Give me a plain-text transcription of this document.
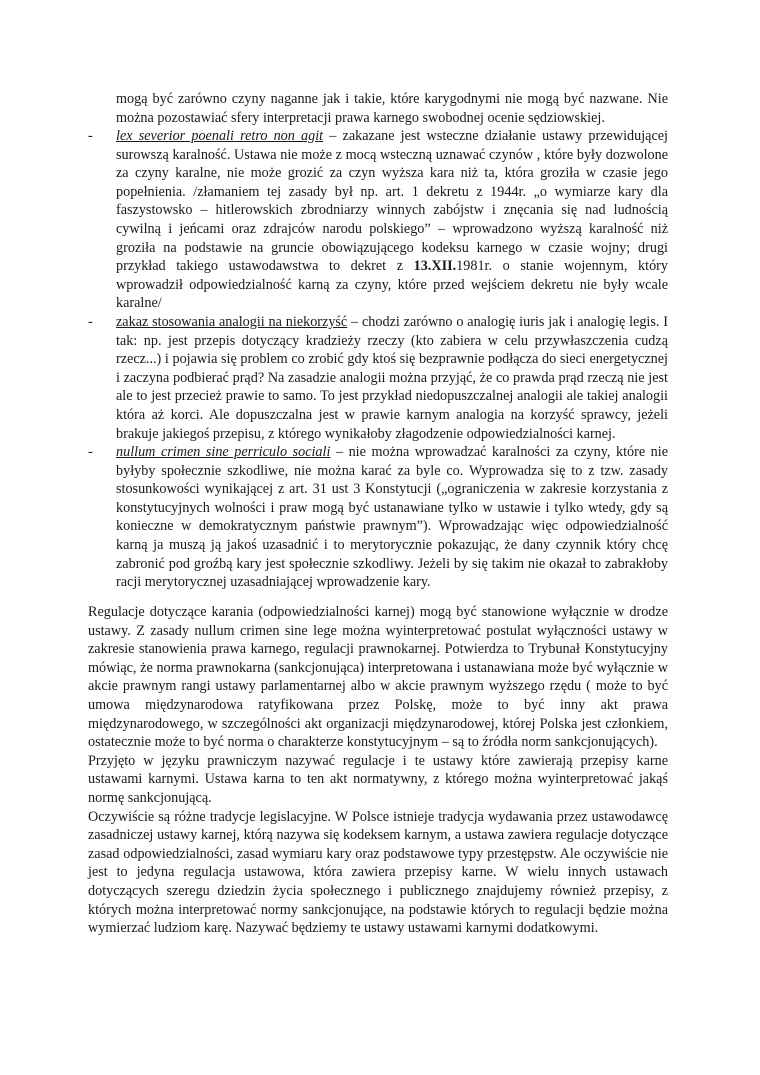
mogą być zarówno czyny naganne jak i takie, które karygodnymi nie mogą być nazwane. Nie można pozostawiać sfery interpretacji prawa karnego swobodnej ocenie sędziowskiej.

- lex severior poenali retro non agit – zakazane jest wsteczne działanie ustawy przewidującej surowszą karalność. Ustawa nie może z mocą wsteczną uznawać czynów , które były dozwolone za czyny karalne, nie może grozić za czyn wyższa kara niż ta, która groziła w czasie jego popełnienia. /złamaniem tej zasady był np. art. 1 dekretu z 1944r. „o wymiarze kary dla faszystowsko – hitlerowskich zbrodniarzy winnych zabójstw i znęcania się nad ludnością cywilną i jeńcami oraz zdrajców narodu polskiego” – wprowadzono wyższą karalność niż groziła na podstawie na gruncie obowiązującego kodeksu karnego w czasie wojny; drugi przykład takiego ustawodawstwa to dekret z 13.XII.1981r. o stanie wojennym, który wprowadził odpowiedzialność karną za czyny, które przed wejściem dekretu nie były wcale karalne/
- zakaz stosowania analogii na niekorzyść – chodzi zarówno o analogię iuris jak i analogię legis. I tak: np. jest przepis dotyczący kradzieży rzeczy (kto zabiera w celu przywłaszczenia cudzą rzecz...) i pojawia się problem co zrobić gdy ktoś się bezprawnie podłącza do sieci energetycznej i zaczyna podbierać prąd? Na zasadzie analogii można przyjąć, że co prawda prąd rzeczą nie jest ale to jest przecież prawie to samo. To jest przykład niedopuszczalnej analogii ale takiej analogii która aż korci. Ale dopuszczalna jest w prawie karnym analogia na korzyść sprawcy, jeżeli brakuje jakiegoś przepisu, z którego wynikałoby złagodzenie odpowiedzialności karnej.
- nullum crimen sine perriculo sociali – nie można wprowadzać karalności za czyny, które nie byłyby społecznie szkodliwe, nie można karać za byle co. Wyprowadza się to z tzw. zasady stosunkowości wynikającej z art. 31 ust 3 Konstytucji („ograniczenia w zakresie korzystania z konstytucyjnych wolności i praw mogą być ustanawiane tylko w ustawie i tylko wtedy, gdy są konieczne w demokratycznym państwie prawnym”). Wprowadzając więc odpowiedzialność karną ja muszą ją jakoś uzasadnić i to merytorycznie pokazując, że dany czynnik który chcę zabronić pod groźbą kary jest społecznie szkodliwy. Jeżeli by się takim nie okazał to zabrakłoby racji merytorycznej uzasadniającej wprowadzenie kary.

Regulacje dotyczące karania (odpowiedzialności karnej) mogą być stanowione wyłącznie w drodze ustawy. Z zasady nullum crimen sine lege można wyinterpretować postulat wyłączności ustawy w zakresie stanowienia prawa karnego, regulacji prawnokarnej. Potwierdza to Trybunał Konstytucyjny mówiąc, że norma prawnokarna (sankcjonująca) interpretowana i ustanawiana może być wyłącznie w akcie prawnym rangi ustawy parlamentarnej albo w akcie prawnym wyższego rzędu ( może to być umowa międzynarodowa ratyfikowana przez Polskę, może to być inny akt prawa międzynarodowego, w szczególności akt organizacji międzynarodowej, której Polska jest członkiem, ostatecznie może to być norma o charakterze konstytucyjnym – są to źródła norm sankcjonujących).

Przyjęto w języku prawniczym nazywać regulacje i te ustawy które zawierają przepisy karne ustawami karnymi. Ustawa karna to ten akt normatywny, z którego można wyinterpretować jakąś normę sankcjonującą.

Oczywiście są różne tradycje legislacyjne. W Polsce istnieje tradycja wydawania przez ustawodawcę zasadniczej ustawy karnej, którą nazywa się kodeksem karnym, a ustawa zawiera regulacje dotyczące zasad odpowiedzialności, zasad wymiaru kary oraz podstawowe typy przestępstw. Ale oczywiście nie jest to jedyna regulacja ustawowa, która zawiera przepisy karne. W wielu innych ustawach dotyczących szeregu dziedzin życia społecznego i publicznego znajdujemy również przepisy, z których można interpretować normy sankcjonujące, na podstawie których to regulacji będzie można wymierzać ludziom karę. Nazywać będziemy te ustawy ustawami karnymi dodatkowymi.
